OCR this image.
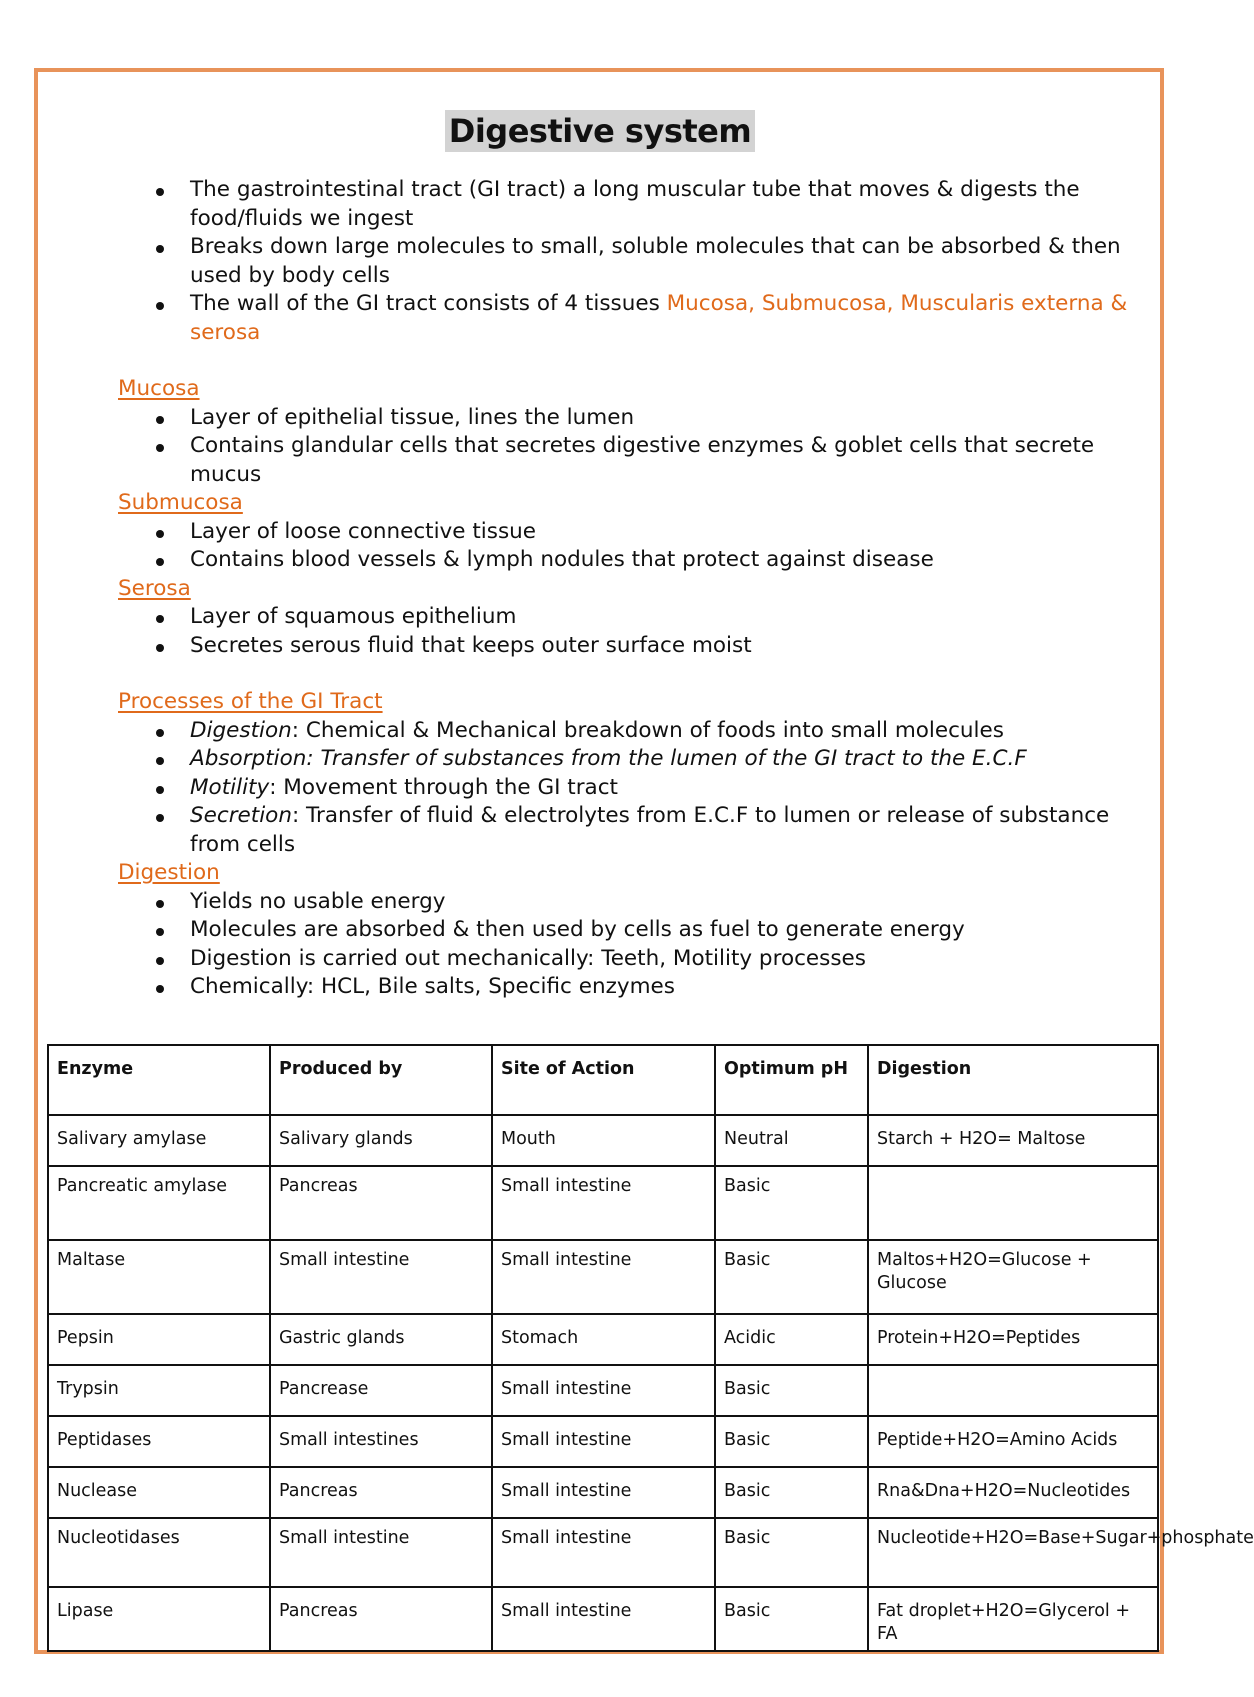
Digestive system
The gastrointestinal tract (GI tract) a long muscular tube that moves & digests the food/fluids we ingest
Breaks down large molecules to small, soluble molecules that can be absorbed & then used by body cells
The wall of the GI tract consists of 4 tissues Mucosa, Submucosa, Muscularis externa & serosa
Mucosa
Layer of epithelial tissue, lines the lumen
Contains glandular cells that secretes digestive enzymes & goblet cells that secrete mucus
Submucosa
Layer of loose connective tissue
Contains blood vessels & lymph nodules that protect against disease
Serosa
Layer of squamous epithelium
Secretes serous fluid that keeps outer surface moist
Processes of the GI Tract
Digestion: Chemical & Mechanical breakdown of foods into small molecules
Absorption: Transfer of substances from the lumen of the GI tract to the E.C.F
Motility: Movement through the GI tract
Secretion: Transfer of fluid & electrolytes from E.C.F to lumen or release of substance from cells
Digestion
Yields no usable energy
Molecules are absorbed & then used by cells as fuel to generate energy
Digestion is carried out mechanically: Teeth, Motility processes
Chemically: HCL, Bile salts, Specific enzymes
Enzyme	Produced by	Site of Action	Optimum pH	Digestion
Salivary amylase	Salivary glands	Mouth	Neutral	Starch + H2O= Maltose
Pancreatic amylase	Pancreas	Small intestine	Basic	
Maltase	Small intestine	Small intestine	Basic	Maltos+H2O=Glucose + Glucose
Pepsin	Gastric glands	Stomach	Acidic	Protein+H2O=Peptides
Trypsin	Pancrease	Small intestine	Basic	
Peptidases	Small intestines	Small intestine	Basic	Peptide+H2O=Amino Acids
Nuclease	Pancreas	Small intestine	Basic	Rna&Dna+H2O=Nucleotides
Nucleotidases	Small intestine	Small intestine	Basic	Nucleotide+H2O=Base+Sugar+phosphate
Lipase	Pancreas	Small intestine	Basic	Fat droplet+H2O=Glycerol + FA
